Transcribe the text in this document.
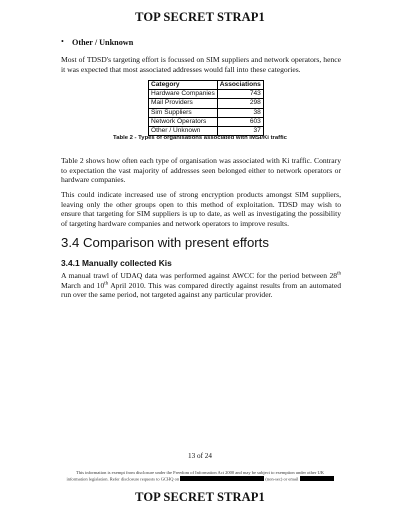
TOP SECRET STRAP1
• Other / Unknown
Most of TDSD's targeting effort is focussed on SIM suppliers and network operators, hence it was expected that most associated addresses would fall into these categories.
Category	Associations
Hardware Companies	743
Mail Providers	298
Sim Suppliers	38
Network Operators	603
Other / Unknown	37
Table 2 - Types of organisations associated with IMSI/Ki traffic
Table 2 shows how often each type of organisation was associated with Ki traffic. Contrary to expectation the vast majority of addresses seen belonged either to network operators or hardware companies.
This could indicate increased use of strong encryption products amongst SIM suppliers, leaving only the other groups open to this method of exploitation. TDSD may wish to ensure that targeting for SIM suppliers is up to date, as well as investigating the possibility of targeting hardware companies and network operators to improve results.
3.4 Comparison with present efforts
3.4.1 Manually collected Kis
A manual trawl of UDAQ data was performed against AWCC for the period between 28th March and 10th April 2010. This was compared directly against results from an automated run over the same period, not targeted against any particular provider.
13 of 24
This information is exempt from disclosure under the Freedom of Information Act 2000 and may be subject to exemption under other UK
information legislation. Refer disclosure requests to GCHQ on	(non-sec) or email
TOP SECRET STRAP1
